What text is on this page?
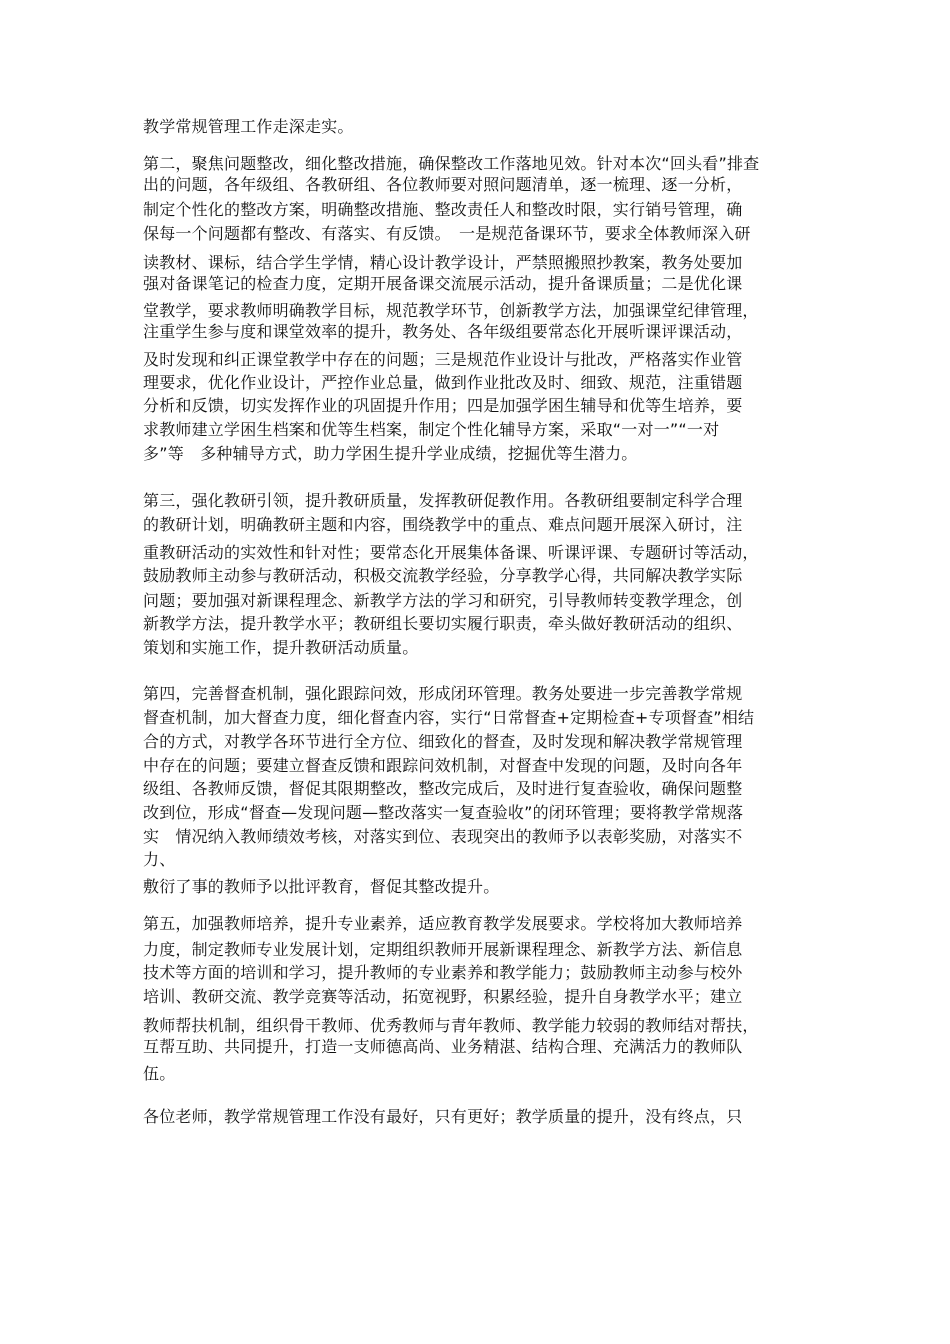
教学常规管理工作走深走实。
第二，聚焦问题整改，细化整改措施，确保整改工作落地见效。针对本次“回头看”排查
出的问题，各年级组、各教研组、各位教师要对照问题清单，逐一梳理、逐一分析，
制定个性化的整改方案，明确整改措施、整改责任人和整改时限，实行销号管理，确
保每一个问题都有整改、有落实、有反馈。　一是规范备课环节，要求全体教师深入研
读教材、课标，结合学生学情，精心设计教学设计，严禁照搬照抄教案，教务处要加
强对备课笔记的检查力度，定期开展备课交流展示活动，提升备课质量；二是优化课
堂教学，要求教师明确教学目标，规范教学环节，创新教学方法，加强课堂纪律管理，
注重学生参与度和课堂效率的提升，教务处、各年级组要常态化开展听课评课活动，
及时发现和纠正课堂教学中存在的问题；三是规范作业设计与批改，严格落实作业管
理要求，优化作业设计，严控作业总量，做到作业批改及时、细致、规范，注重错题
分析和反馈，切实发挥作业的巩固提升作用；四是加强学困生辅导和优等生培养，要
求教师建立学困生档案和优等生档案，制定个性化辅导方案，采取“一对一”“一对
多”等　多种辅导方式，助力学困生提升学业成绩，挖掘优等生潜力。
第三，强化教研引领，提升教研质量，发挥教研促教作用。各教研组要制定科学合理
的教研计划，明确教研主题和内容，围绕教学中的重点、难点问题开展深入研讨，注
重教研活动的实效性和针对性；要常态化开展集体备课、听课评课、专题研讨等活动，
鼓励教师主动参与教研活动，积极交流教学经验，分享教学心得，共同解决教学实际
问题；要加强对新课程理念、新教学方法的学习和研究，引导教师转变教学理念，创
新教学方法，提升教学水平；教研组长要切实履行职责，牵头做好教研活动的组织、
策划和实施工作，提升教研活动质量。
第四，完善督查机制，强化跟踪问效，形成闭环管理。教务处要进一步完善教学常规
督查机制，加大督查力度，细化督查内容，实行“日常督查+定期检查+专项督查”相结
合的方式，对教学各环节进行全方位、细致化的督查，及时发现和解决教学常规管理
中存在的问题；要建立督查反馈和跟踪问效机制，对督查中发现的问题，及时向各年
级组、各教师反馈，督促其限期整改，整改完成后，及时进行复查验收，确保问题整
改到位，形成“督查—发现问题—整改落实一复查验收”的闭环管理；要将教学常规落
实　情况纳入教师绩效考核，对落实到位、表现突出的教师予以表彰奖励，对落实不
力、
敷衍了事的教师予以批评教育，督促其整改提升。
第五，加强教师培养，提升专业素养，适应教育教学发展要求。学校将加大教师培养
力度，制定教师专业发展计划，定期组织教师开展新课程理念、新教学方法、新信息
技术等方面的培训和学习，提升教师的专业素养和教学能力；鼓励教师主动参与校外
培训、教研交流、教学竞赛等活动，拓宽视野，积累经验，提升自身教学水平；建立
教师帮扶机制，组织骨干教师、优秀教师与青年教师、教学能力较弱的教师结对帮扶，
互帮互助、共同提升，打造一支师德高尚、业务精湛、结构合理、充满活力的教师队
伍。
各位老师，教学常规管理工作没有最好，只有更好；教学质量的提升，没有终点，只
